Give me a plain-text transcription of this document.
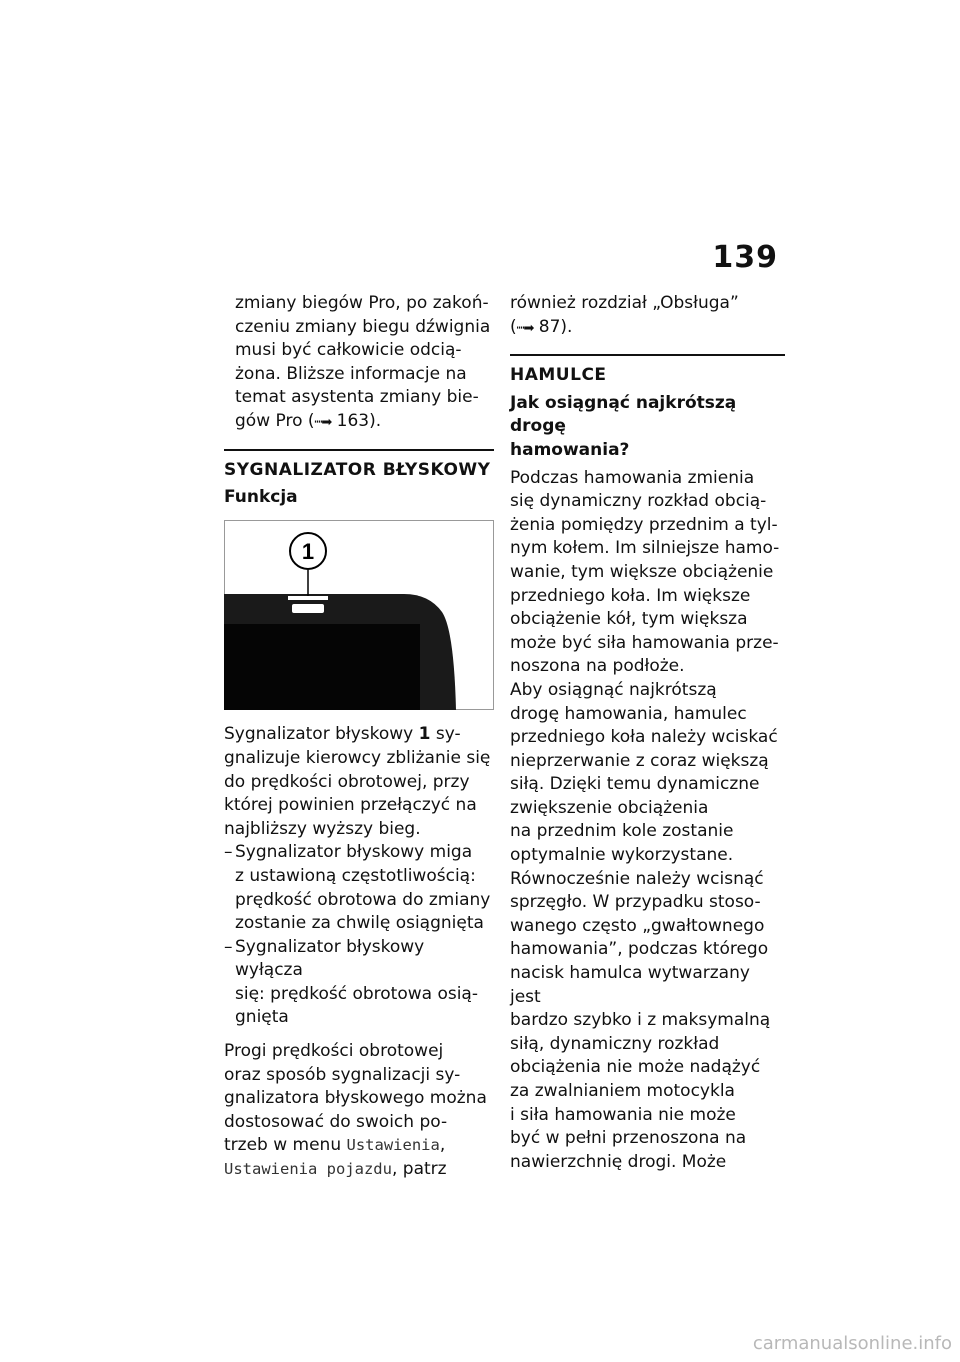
139

zmiany biegów Pro, po zakoń-

czeniu zmiany biegu dźwignia

musi być całkowicie odcią-

żona. Bliższe informacje na

temat asystenta zmiany bie-

gów Pro (┉➡ 163).

SYGNALIZATOR BŁYSKOWY
Funkcja
1

Sygnalizator błyskowy 1 sy-

gnalizuje kierowcy zbliżanie się

do prędkości obrotowej, przy

której powinien przełączyć na

najbliższy wyższy bieg.

– Sygnalizator błyskowy miga

z ustawioną częstotliwością:

prędkość obrotowa do zmiany

zostanie za chwilę osiągnięta

– Sygnalizator błyskowy wyłącza

się: prędkość obrotowa osią-

gnięta

Progi prędkości obrotowej

oraz sposób sygnalizacji sy-

gnalizatora błyskowego można

dostosować do swoich po-

trzeb w menu Ustawienia,

Ustawienia pojazdu, patrz

również rozdział „Obsługa”

(┉➡ 87).

HAMULCE

Jak osiągnąć najkrótszą drogę

hamowania?

Podczas hamowania zmienia

się dynamiczny rozkład obcią-

żenia pomiędzy przednim a tyl-

nym kołem. Im silniejsze hamo-

wanie, tym większe obciążenie

przedniego koła. Im większe

obciążenie kół, tym większa

może być siła hamowania prze-

noszona na podłoże.

Aby osiągnąć najkrótszą

drogę hamowania, hamulec

przedniego koła należy wciskać

nieprzerwanie z coraz większą

siłą. Dzięki temu dynamiczne

zwiększenie obciążenia

na przednim kole zostanie

optymalnie wykorzystane.

Równocześnie należy wcisnąć

sprzęgło. W przypadku stoso-

wanego często „gwałtownego

hamowania”, podczas którego

nacisk hamulca wytwarzany jest

bardzo szybko i z maksymalną

siłą, dynamiczny rozkład

obciążenia nie może nadążyć

za zwalnianiem motocykla

i siła hamowania nie może

być w pełni przenoszona na

nawierzchnię drogi. Może

carmanualsonline.info
